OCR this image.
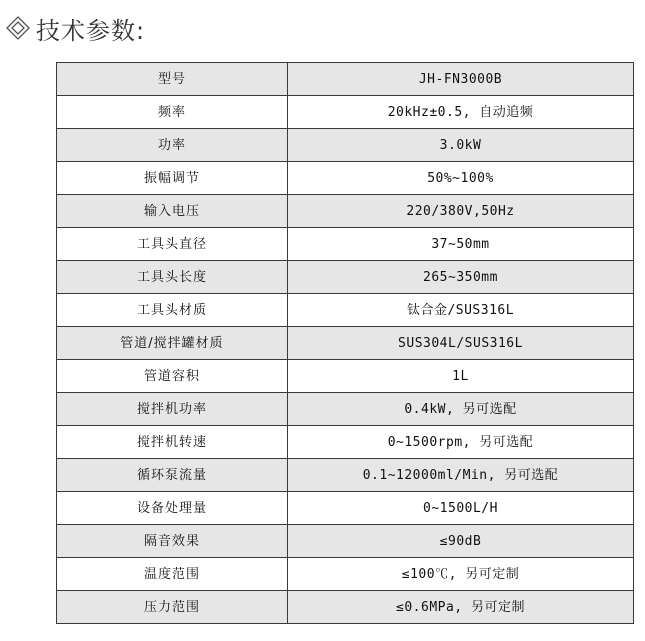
技术参数:
型号	JH-FN3000B
频率	20kHz±0.5, 自动追频
功率	3.0kW
振幅调节	50%~100%
输入电压	220/380V,50Hz
工具头直径	37~50mm
工具头长度	265~350mm
工具头材质	钛合金/SUS316L
管道/搅拌罐材质	SUS304L/SUS316L
管道容积	1L
搅拌机功率	0.4kW, 另可选配
搅拌机转速	0~1500rpm, 另可选配
循环泵流量	0.1~12000ml/Min, 另可选配
设备处理量	0~1500L/H
隔音效果	≤90dB
温度范围	≤100℃, 另可定制
压力范围	≤0.6MPa, 另可定制
